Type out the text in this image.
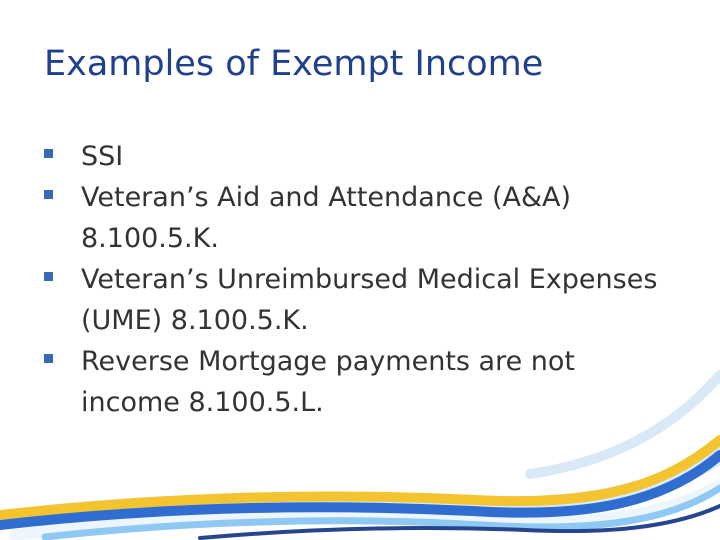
Examples of Exempt Income
SSI
Veteran’s Aid and Attendance (A&A) 8.100.5.K.
Veteran’s Unreimbursed Medical Expenses (UME) 8.100.5.K.
Reverse Mortgage payments are not income 8.100.5.L.
